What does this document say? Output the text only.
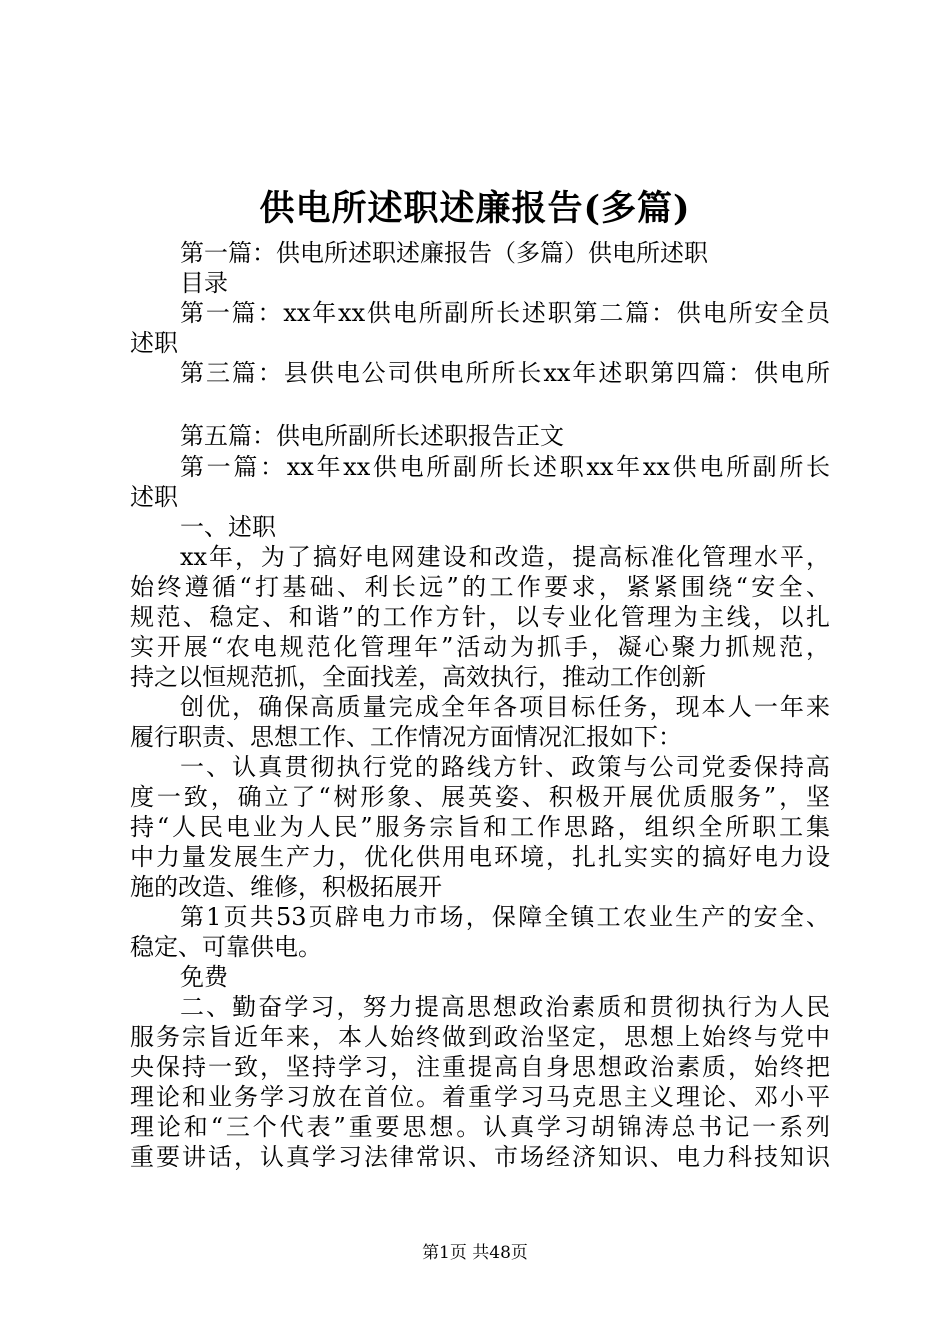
供电所述职述廉报告(多篇)
第一篇：供电所述职述廉报告（多篇）供电所述职
目录
第一篇：xx年xx供电所副所长述职第二篇：供电所安全员
述职
第三篇：县供电公司供电所所长xx年述职第四篇：供电所
第五篇：供电所副所长述职报告正文
第一篇：xx年xx供电所副所长述职xx年xx供电所副所长
述职
一、述职
xx年，为了搞好电网建设和改造，提高标准化管理水平，
始终遵循“打基础、利长远”的工作要求，紧紧围绕“安全、
规范、稳定、和谐”的工作方针，以专业化管理为主线，以扎
实开展“农电规范化管理年”活动为抓手，凝心聚力抓规范，
持之以恒规范抓，全面找差，高效执行，推动工作创新
创优，确保高质量完成全年各项目标任务，现本人一年来
履行职责、思想工作、工作情况方面情况汇报如下：
一、认真贯彻执行党的路线方针、政策与公司党委保持高
度一致，确立了“树形象、展英姿、积极开展优质服务”，坚
持“人民电业为人民”服务宗旨和工作思路，组织全所职工集
中力量发展生产力，优化供用电环境，扎扎实实的搞好电力设
施的改造、维修，积极拓展开
第1页共53页辟电力市场，保障全镇工农业生产的安全、
稳定、可靠供电。
免费
二、勤奋学习，努力提高思想政治素质和贯彻执行为人民
服务宗旨近年来，本人始终做到政治坚定，思想上始终与党中
央保持一致，坚持学习，注重提高自身思想政治素质，始终把
理论和业务学习放在首位。着重学习马克思主义理论、邓小平
理论和“三个代表”重要思想。认真学习胡锦涛总书记一系列
重要讲话，认真学习法律常识、市场经济知识、电力科技知识
第1页 共48页
